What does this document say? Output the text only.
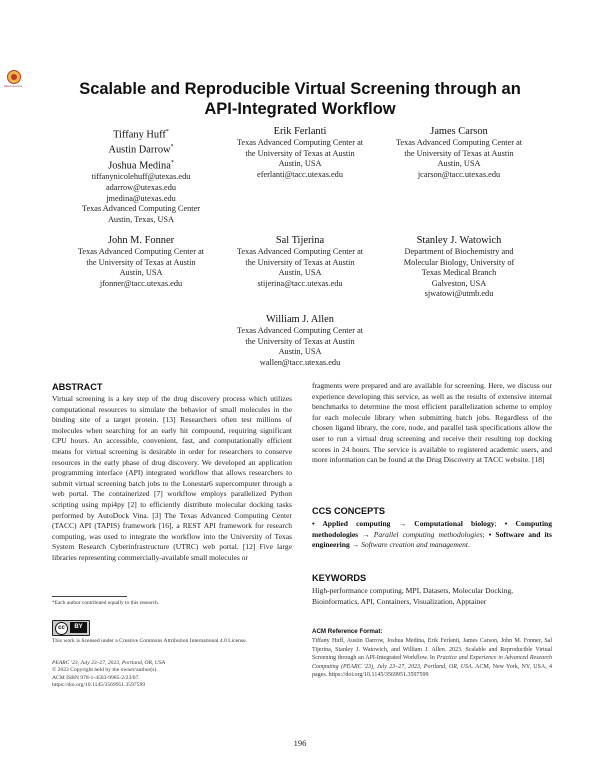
Open Access	Scalable and Reproducible Virtual Screening through an
API-Integrated Workflow
Tiffany Huff*
Austin Darrow*
Joshua Medina*
tiffanynicolehuff@utexas.edu
adarrow@utexas.edu
jmedina@utexas.edu
Texas Advanced Computing Center
Austin, Texas, USA
Erik Ferlanti
Texas Advanced Computing Center at
the University of Texas at Austin
Austin, USA
eferlanti@tacc.utexas.edu
James Carson
Texas Advanced Computing Center at
the University of Texas at Austin
Austin, USA
jcarson@tacc.utexas.edu
John M. Fonner
Texas Advanced Computing Center at
the University of Texas at Austin
Austin, USA
jfonner@tacc.utexas.edu
Sal Tijerina
Texas Advanced Computing Center at
the University of Texas at Austin
Austin, USA
stijerina@tacc.utexas.edu
Stanley J. Watowich
Department of Biochemistry and
Molecular Biology, University of
Texas Medical Branch
Galveston, USA
sjwatowi@utmb.edu
William J. Allen
Texas Advanced Computing Center at
the University of Texas at Austin
Austin, USA
wallen@tacc.utexas.edu
ABSTRACT
Virtual screening is a key step of the drug discovery process which utilizes computational resources to simulate the behavior of small molecules in the binding site of a target protein. [13] Researchers often test millions of molecules when searching for an early hit compound, requiring significant CPU hours. An accessible, convenient, fast, and computationally efficient means for virtual screening is desirable in order for researchers to conserve resources in the early phase of drug discovery. We developed an application programming interface (API) integrated workflow that allows researchers to submit virtual screening batch jobs to the Lonestar6 supercomputer through a web portal. The containerized [7] workflow employs parallelized Python scripting using mpi4py [2] to efficiently distribute molecular docking tasks performed by AutoDock Vina. [3] The Texas Advanced Computing Center (TACC) API (TAPIS) framework [16], a REST API framework for research computing, was used to integrate the workflow into the University of Texas System Research Cyberinfrastructure (UTRC) web portal. [12] Five large libraries representing commercially-available small molecules or
fragments were prepared and are available for screening. Here, we discuss our experience developing this service, as well as the results of extensive internal benchmarks to determine the most efficient parallelization scheme to employ for each molecule library when submitting batch jobs. Regardless of the chosen ligand library, the core, node, and parallel task specifications allow the user to run a virtual drug screening and receive their resulting top docking scores in 24 hours. The service is available to registered academic users, and more information can be found at the Drug Discovery at TACC website. [18]
CCS CONCEPTS
• Applied computing → Computational biology; • Computing methodologies → Parallel computing methodologies; • Software and its engineering → Software creation and management.
KEYWORDS
High-performance computing, MPI, Datasets, Molecular Docking, Bioinformatics, API, Containers, Visualization, Apptainer
*Each author contributed equally to this research.
cc	BY
This work is licensed under a Creative Commons Attribution International 4.0 License.
PEARC '23, July 23–27, 2023, Portland, OR, USA
© 2023 Copyright held by the owner/author(s).
ACM ISBN 978-1-4503-9985-2/23/07.
https://doi.org/10.1145/3569951.3597599
ACM Reference Format:
Tiffany Huff, Austin Darrow, Joshua Medina, Erik Ferlanti, James Carson, John M. Fonner, Sal Tijerina, Stanley J. Watowich, and William J. Allen. 2023. Scalable and Reproducible Virtual Screening through an API-Integrated Workflow. In Practice and Experience in Advanced Research Computing (PEARC '23), July 23–27, 2023, Portland, OR, USA. ACM, New York, NY, USA, 4 pages. https://doi.org/10.1145/3569951.3597599
196
